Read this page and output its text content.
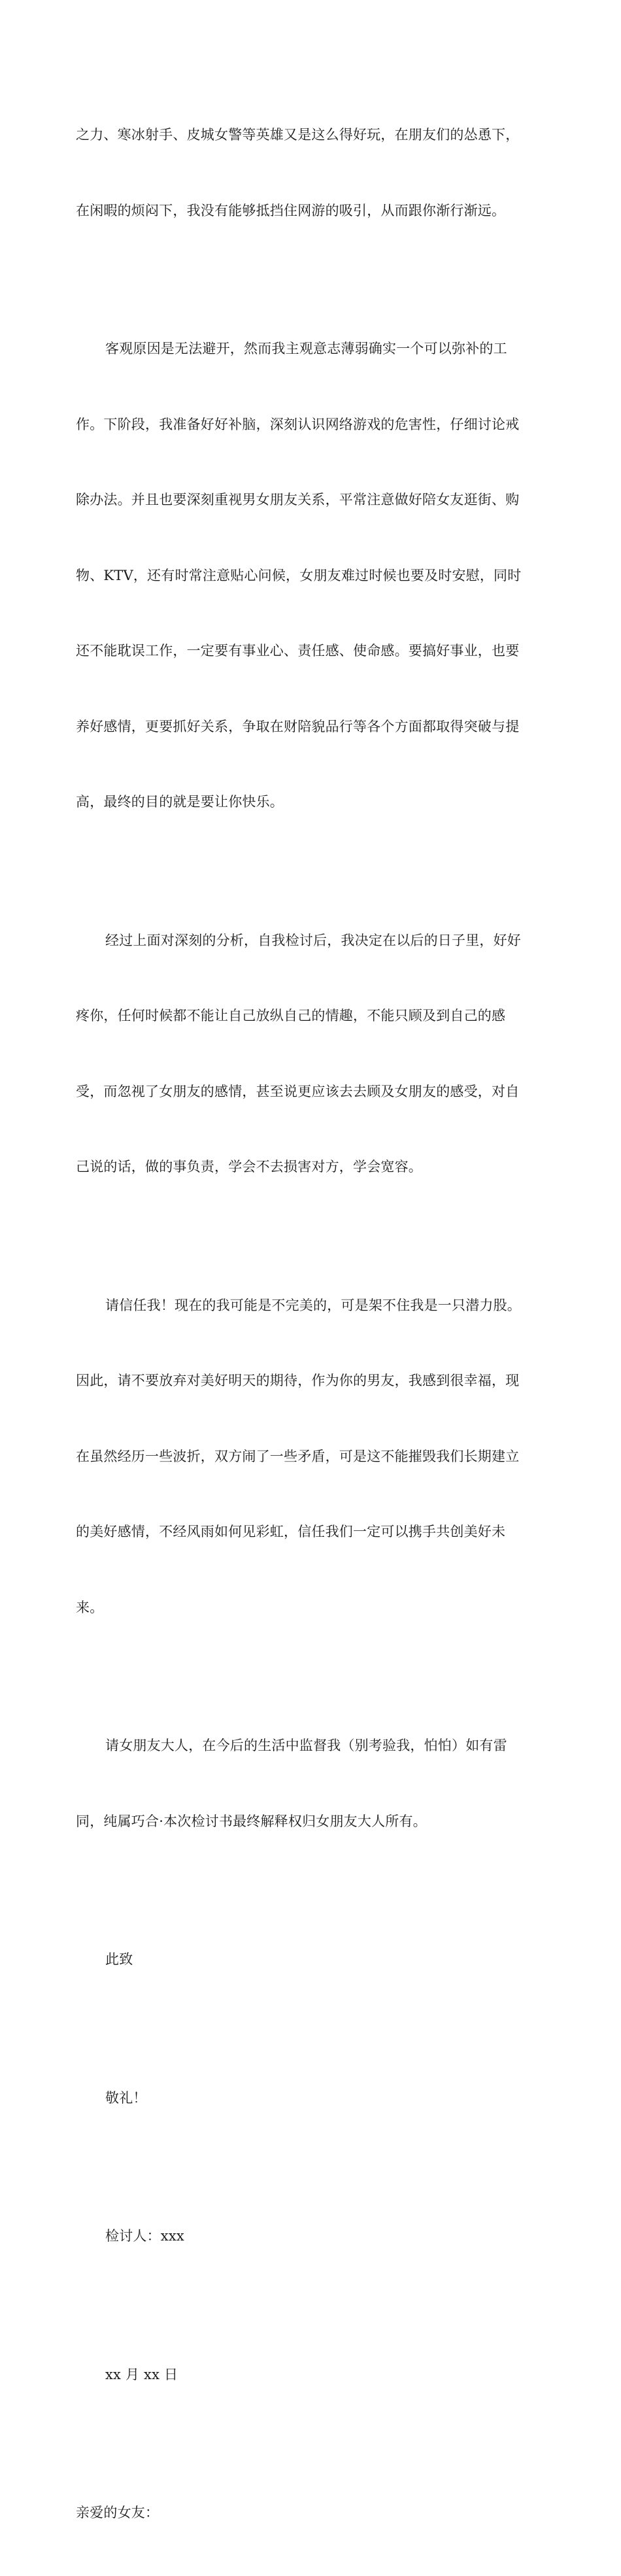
之力、寒冰射手、皮城女警等英雄又是这么得好玩，在朋友们的怂恿下，

在闲暇的烦闷下，我没有能够抵挡住网游的吸引，从而跟你渐行渐远。

客观原因是无法避开，然而我主观意志薄弱确实一个可以弥补的工

作。下阶段，我准备好好补脑，深刻认识网络游戏的危害性，仔细讨论戒

除办法。并且也要深刻重视男女朋友关系，平常注意做好陪女友逛街、购

物、KTV，还有时常注意贴心问候，女朋友难过时候也要及时安慰，同时

还不能耽误工作，一定要有事业心、责任感、使命感。要搞好事业，也要

养好感情，更要抓好关系，争取在财陪貌品行等各个方面都取得突破与提

高，最终的目的就是要让你快乐。

经过上面对深刻的分析，自我检讨后，我决定在以后的日子里，好好

疼你，任何时候都不能让自己放纵自己的情趣，不能只顾及到自己的感

受，而忽视了女朋友的感情，甚至说更应该去去顾及女朋友的感受，对自

己说的话，做的事负责，学会不去损害对方，学会宽容。

请信任我！现在的我可能是不完美的，可是架不住我是一只潜力股。

因此，请不要放弃对美好明天的期待，作为你的男友，我感到很幸福，现

在虽然经历一些波折，双方闹了一些矛盾，可是这不能摧毁我们长期建立

的美好感情，不经风雨如何见彩虹，信任我们一定可以携手共创美好未

来。

请女朋友大人，在今后的生活中监督我（别考验我，怕怕）如有雷

同，纯属巧合·本次检讨书最终解释权归女朋友大人所有。

此致

敬礼！

检讨人：xxx

xx 月 xx 日

亲爱的女友：
